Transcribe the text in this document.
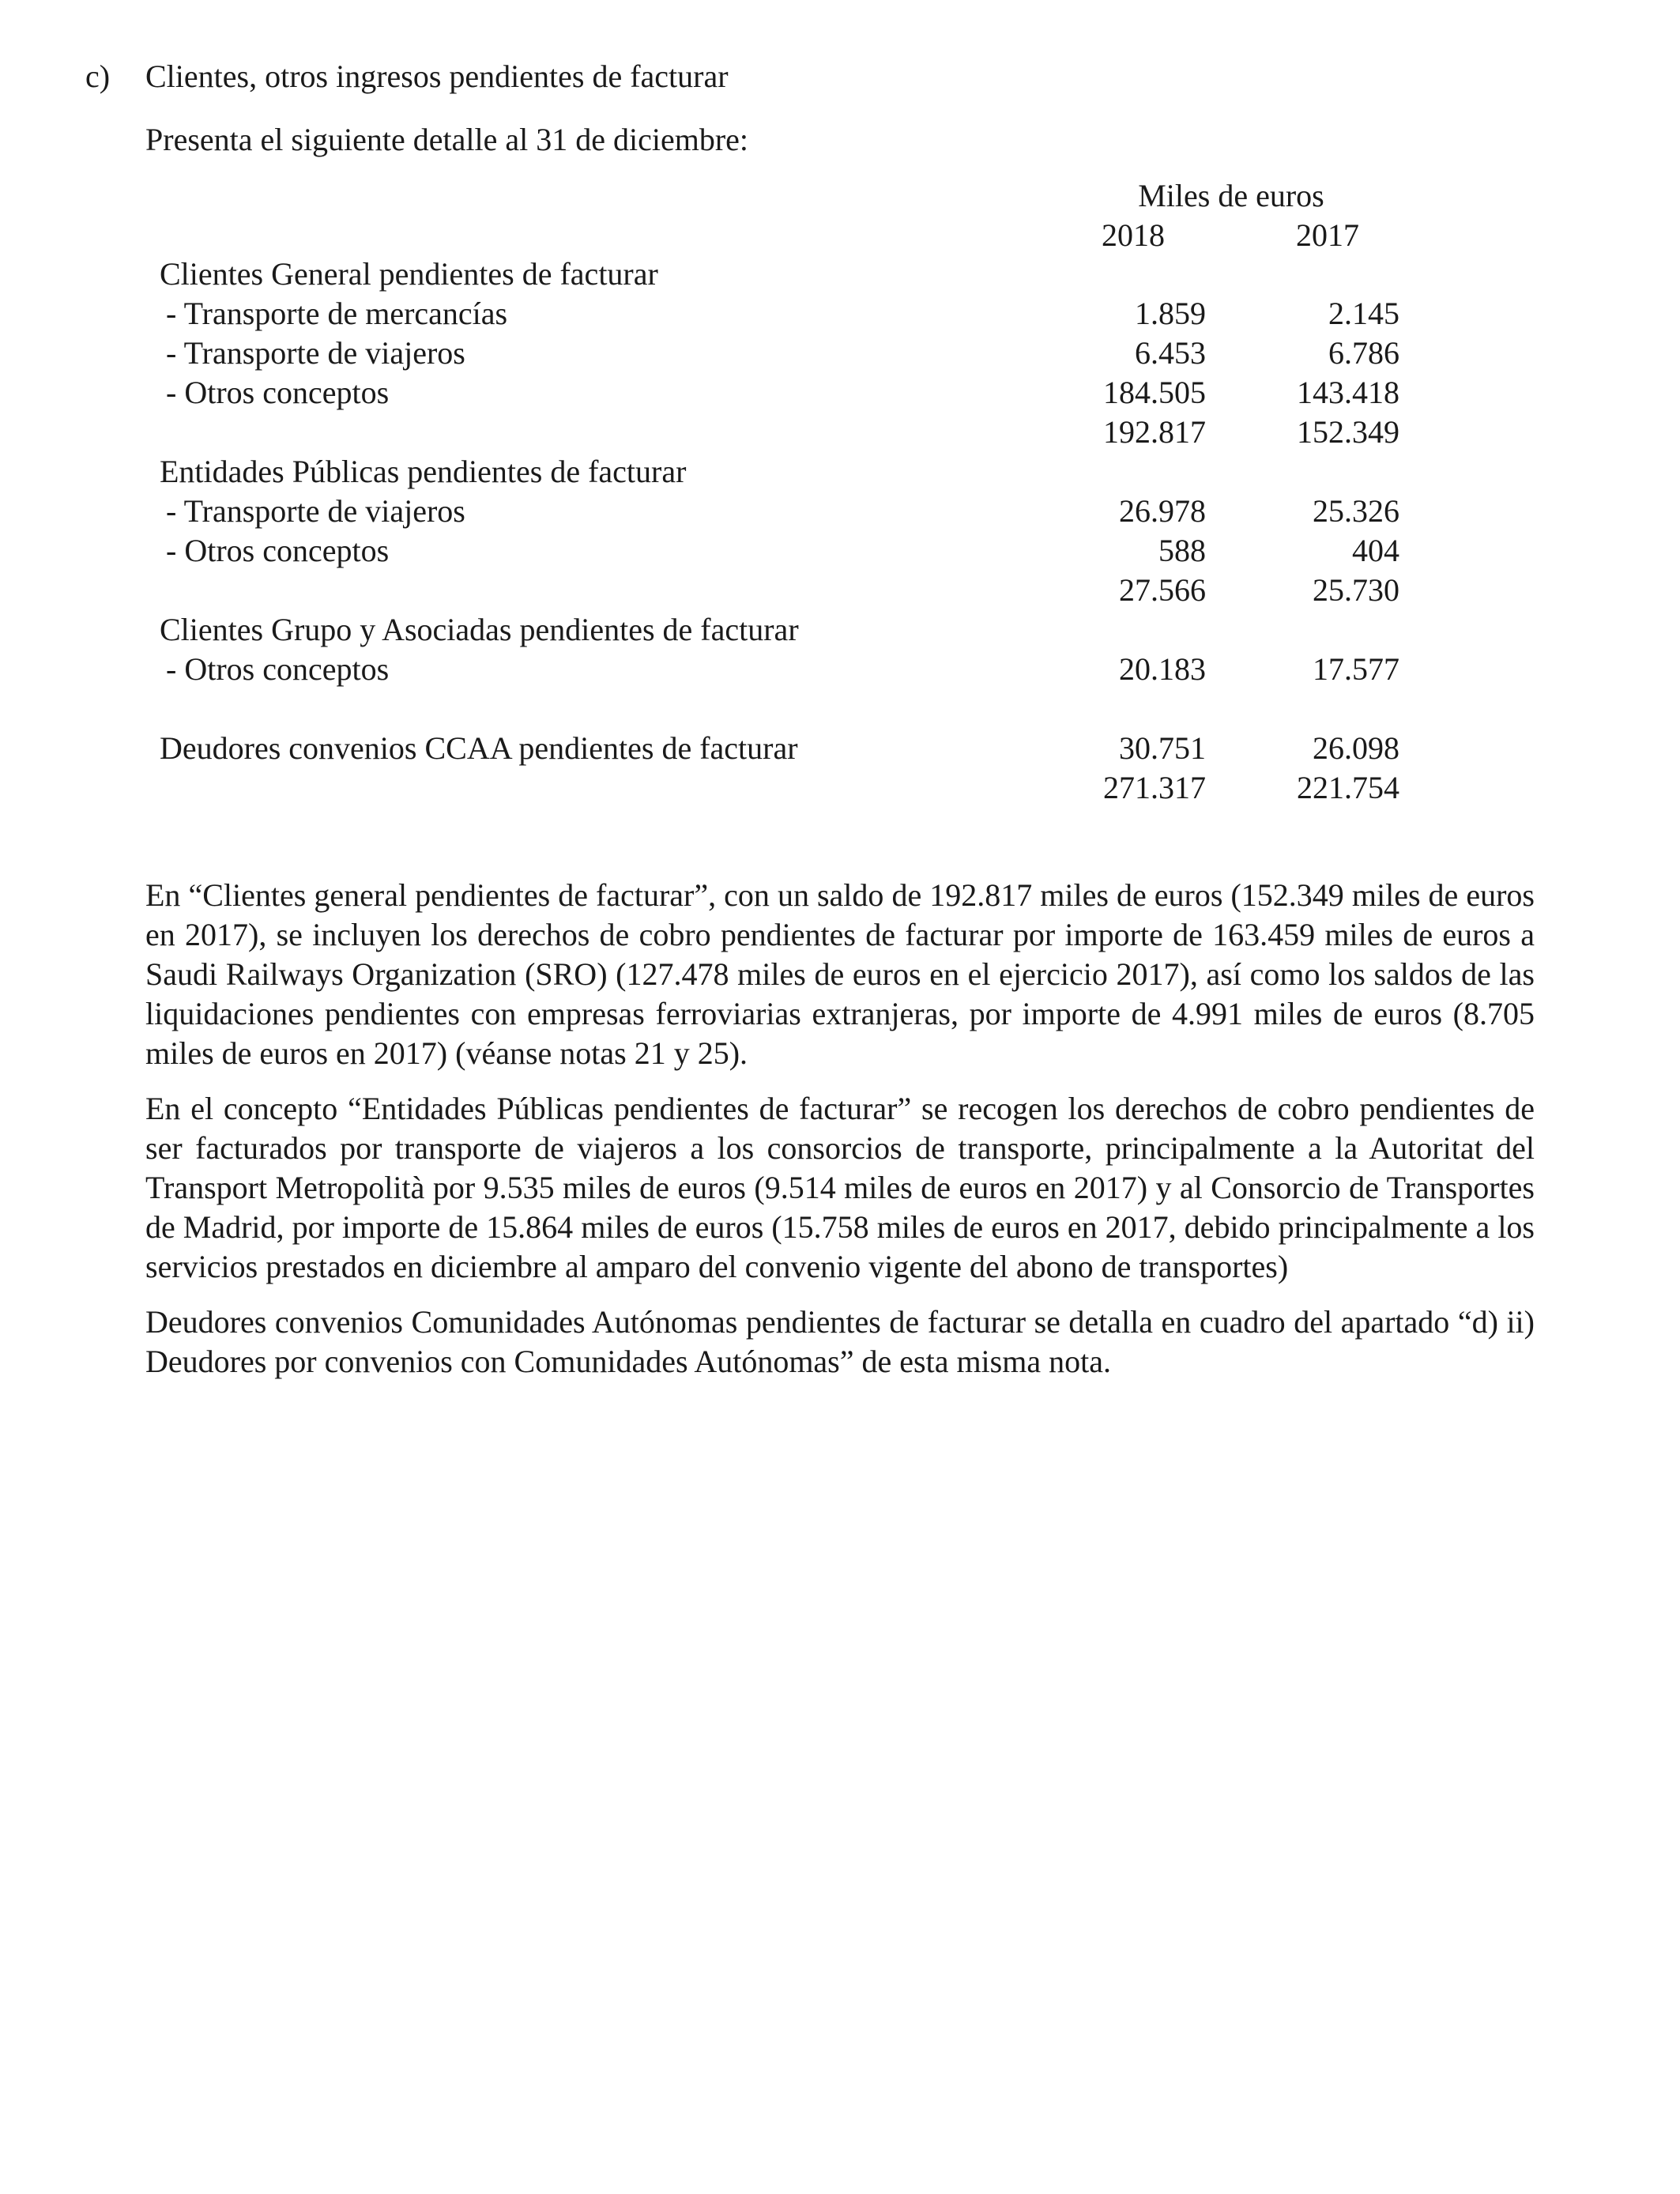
c) Clientes, otros ingresos pendientes de facturar
Presenta el siguiente detalle al 31 de diciembre:
Miles de euros
2018	2017
Clientes General pendientes de facturar
- Transporte de mercancías	1.859	2.145
- Transporte de viajeros	6.453	6.786
- Otros conceptos	184.505	143.418
192.817	152.349
Entidades Públicas pendientes de facturar
- Transporte de viajeros	26.978	25.326
- Otros conceptos	588	404
27.566	25.730
Clientes Grupo y Asociadas pendientes de facturar
- Otros conceptos	20.183	17.577
Deudores convenios CCAA pendientes de facturar	30.751	26.098
271.317	221.754

En “Clientes general pendientes de facturar”, con un saldo de 192.817 miles de euros (152.349 miles de euros en 2017), se incluyen los derechos de cobro pendientes de facturar por importe de 163.459 miles de euros a Saudi Railways Organization (SRO) (127.478 miles de euros en el ejercicio 2017), así como los saldos de las liquidaciones pendientes con empresas ferroviarias extranjeras, por importe de 4.991 miles de euros (8.705 miles de euros en 2017) (véanse notas 21 y 25).

En el concepto “Entidades Públicas pendientes de facturar” se recogen los derechos de cobro pendientes de ser facturados por transporte de viajeros a los consorcios de transporte, principalmente a la Autoritat del Transport Metropolità por 9.535 miles de euros (9.514 miles de euros en 2017) y al Consorcio de Transportes de Madrid, por importe de 15.864 miles de euros (15.758 miles de euros en 2017, debido principalmente a los servicios prestados en diciembre al amparo del convenio vigente del abono de transportes)

Deudores convenios Comunidades Autónomas pendientes de facturar se detalla en cuadro del apartado “d) ii) Deudores por convenios con Comunidades Autónomas” de esta misma nota.
